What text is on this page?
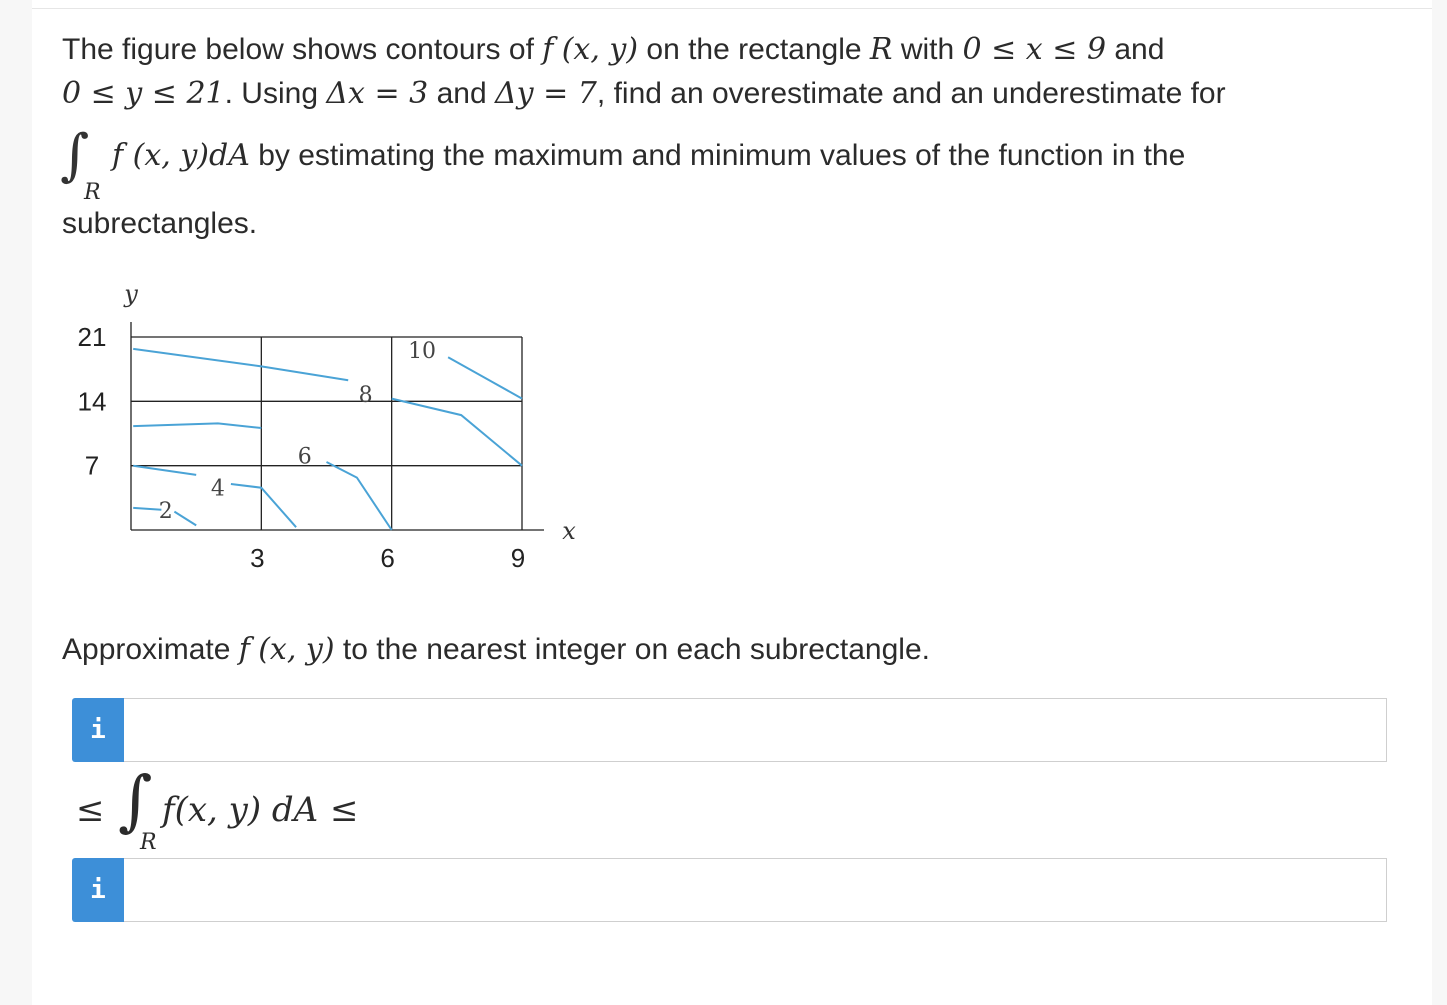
The figure below shows contours of f (x, y) on the rectangle R with 0 ≤ x ≤ 9 and
0 ≤ y ≤ 21. Using Δx = 3 and Δy = 7, find an overestimate and an underestimate for
∫
R
f (x, y)dA by estimating the maximum and minimum values of the function in the
subrectangles.
2
4
6
8
10
3	6	9
7
14
21
x
y
Approximate f (x, y) to the nearest integer on each subrectangle.
i
≤ ∫
R
f(x, y) dA ≤
i
